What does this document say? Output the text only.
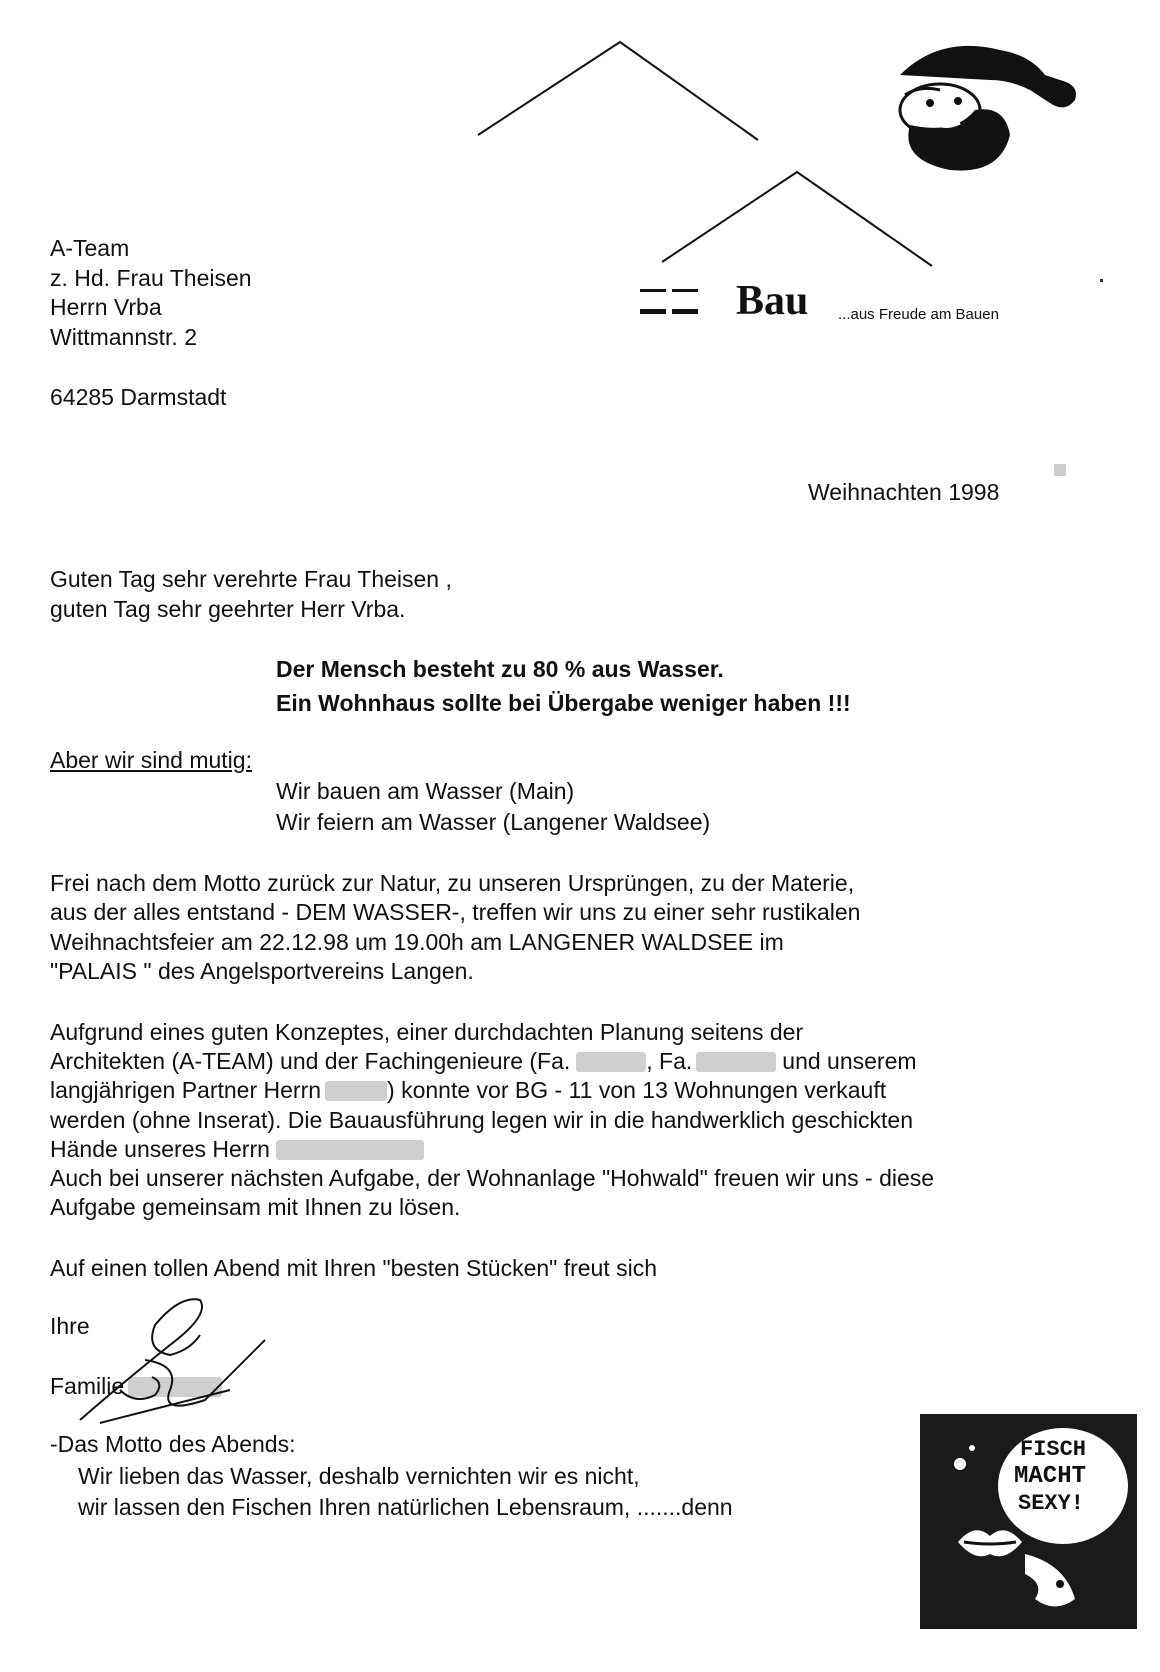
Bau ...aus Freude am Bauen
A-Team
z. Hd. Frau Theisen
Herrn Vrba
Wittmannstr. 2
64285 Darmstadt
Weihnachten 1998
Guten Tag sehr verehrte Frau Theisen ,
guten Tag sehr geehrter Herr Vrba.
Der Mensch besteht zu 80 % aus Wasser.
Ein Wohnhaus sollte bei Übergabe weniger haben !!!
Aber wir sind mutig:
Wir bauen am Wasser (Main)
Wir feiern am Wasser (Langener Waldsee)
Frei nach dem Motto zurück zur Natur, zu unseren Ursprüngen, zu der Materie,
aus der alles entstand - DEM WASSER-, treffen wir uns zu einer sehr rustikalen
Weihnachtsfeier am 22.12.98 um 19.00h am LANGENER WALDSEE im
"PALAIS " des Angelsportvereins Langen.
Aufgrund eines guten Konzeptes, einer durchdachten Planung seitens der
Architekten (A-TEAM) und der Fachingenieure (Fa.	, Fa.	und unserem
langjährigen Partner Herrn	) konnte vor BG - 11 von 13 Wohnungen verkauft
werden (ohne Inserat). Die Bauausführung legen wir in die handwerklich geschickten
Hände unseres Herrn
Auch bei unserer nächsten Aufgabe, der Wohnanlage "Hohwald" freuen wir uns - diese
Aufgabe gemeinsam mit Ihnen zu lösen.
Auf einen tollen Abend mit Ihren "besten Stücken" freut sich
Ihre
Familie
-Das Motto des Abends:
Wir lieben das Wasser, deshalb vernichten wir es nicht,
wir lassen den Fischen Ihren natürlichen Lebensraum, .......denn
FISCH
MACHT
SEXY!
